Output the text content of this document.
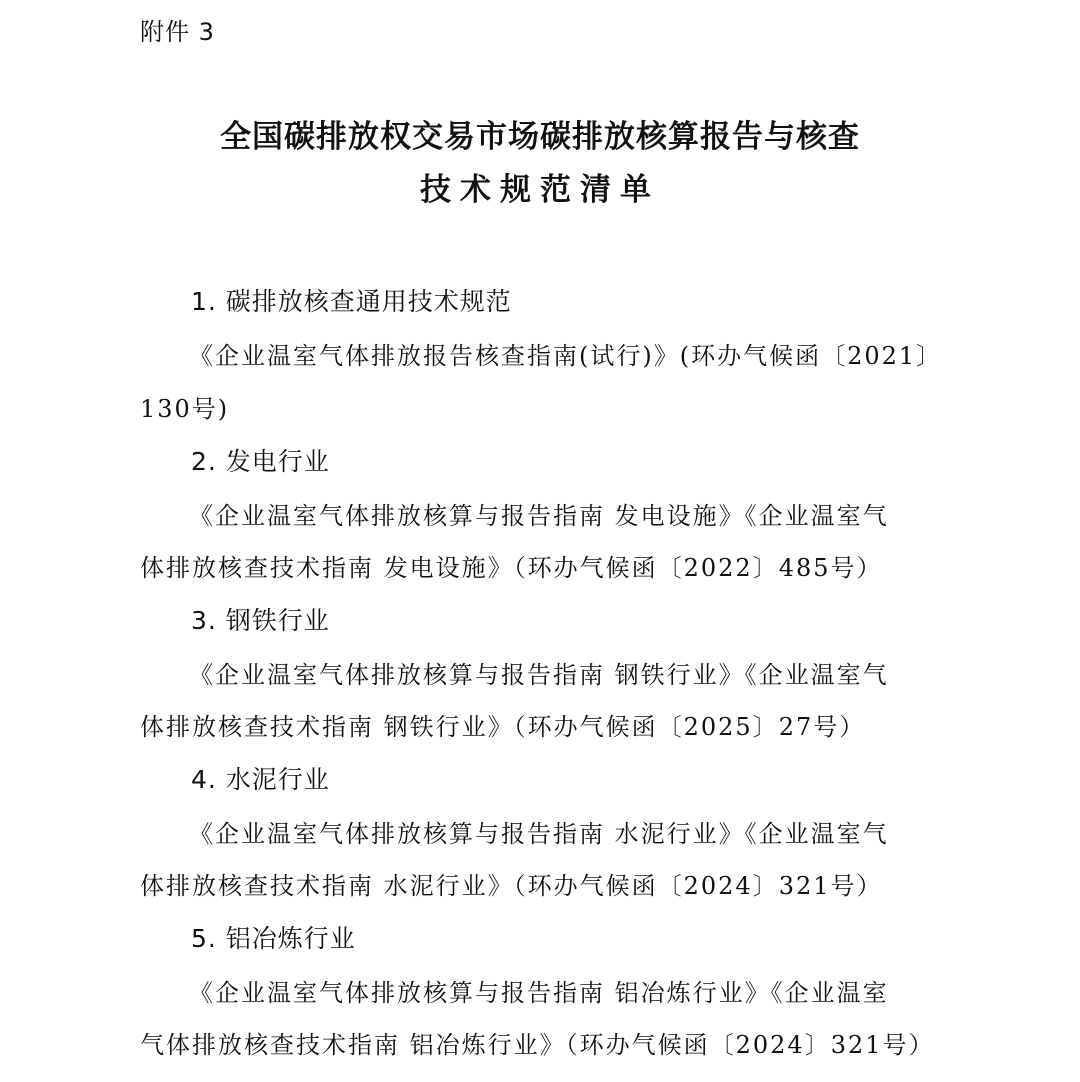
附件 3
全国碳排放权交易市场碳排放核算报告与核查
技术规范清单
1. 碳排放核查通用技术规范
《企业温室气体排放报告核查指南(试行)》(环办气候函〔2021〕
130号)
2. 发电行业
《企业温室气体排放核算与报告指南 发电设施》《企业温室气
体排放核查技术指南 发电设施》（环办气候函〔2022〕485号）
3. 钢铁行业
《企业温室气体排放核算与报告指南 钢铁行业》《企业温室气
体排放核查技术指南 钢铁行业》（环办气候函〔2025〕27号）
4. 水泥行业
《企业温室气体排放核算与报告指南 水泥行业》《企业温室气
体排放核查技术指南 水泥行业》（环办气候函〔2024〕321号）
5. 铝冶炼行业
《企业温室气体排放核算与报告指南 铝冶炼行业》《企业温室
气体排放核查技术指南 铝冶炼行业》（环办气候函〔2024〕321号）
